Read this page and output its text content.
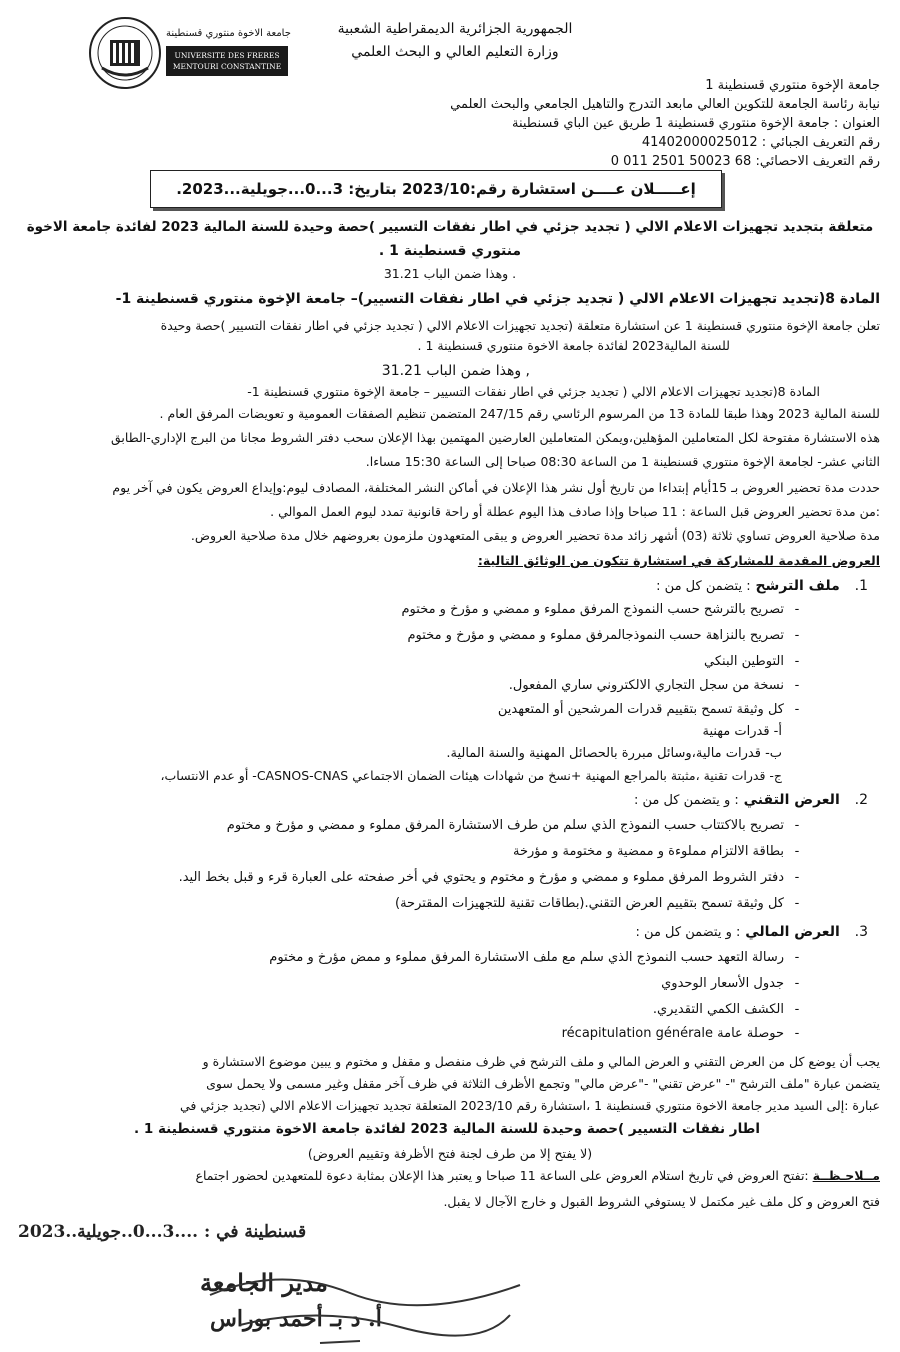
جامعة الاخوة منتوري قسنطينة
UNIVERSITE DES FRERES
MENTOURI CONSTANTINE
الجمهورية الجزائرية الديمقراطية الشعبية
وزارة التعليم العالي و البحث العلمي
جامعة الإخوة منتوري قسنطينة 1
نيابة رئاسة الجامعة للتكوين العالي مابعد التدرج والتاهيل الجامعي والبحث العلمي
العنوان : جامعة الإخوة منتوري قسنطينة 1 طريق عين الباي قسنطينة
رقم التعريف الجبائي : 41402000025012
رقم التعريف الاحصائي: 0 011 2501 50023 68
إعـــــلان عــــن استشارة رقم:2023/10 بتاريخ: 3...0...جويلية...2023.
متعلقة بتجديد تجهيزات الاعلام الالي ( تجديد جزئي في اطار نفقات التسيير )حصة وحيدة للسنة المالية 2023 لفائدة جامعة الاخوة
منتوري قسنطينة 1 .
. وهذا ضمن الباب 31.21
المادة 8(تجديد تجهيزات الاعلام الالي ( تجديد جزئي في اطار نفقات التسيير)– جامعة الإخوة منتوري قسنطينة 1-
تعلن جامعة الإخوة منتوري قسنطينة 1 عن استشارة متعلقة (تجديد تجهيزات الاعلام الالي ( تجديد جزئي في اطار نفقات التسيير )حصة وحيدة
للسنة المالية2023 لفائدة جامعة الاخوة منتوري قسنطينة 1 .
, وهذا ضمن الباب 31.21
المادة 8(تجديد تجهيزات الاعلام الالي ( تجديد جزئي في اطار نفقات التسيير – جامعة الإخوة منتوري قسنطينة 1-
للسنة المالية 2023 وهذا طبقا للمادة 13 من المرسوم الرئاسي رقم 247/15 المتضمن تنظيم الصفقات العمومية و تعويضات المرفق العام .
هذه الاستشارة مفتوحة لكل المتعاملين المؤهلين،ويمكن المتعاملين العارضين المهتمين بهذا الإعلان سحب دفتر الشروط مجانا من البرج الإداري-الطابق
الثاني عشر- لجامعة الإخوة منتوري قسنطينة 1 من الساعة 08:30 صباحا إلى الساعة 15:30 مساءا.
حددت مدة تحضير العروض بـ 15أيام إبتداءا من تاريخ أول نشر هذا الإعلان في أماكن النشر المختلفة، المصادف ليوم:وإيداع العروض يكون في آخر يوم
:من مدة تحضير العروض قبل الساعة : 11 صباحا وإذا صادف هذا اليوم عطلة أو راحة قانونية تمدد ليوم العمل الموالي .
مدة صلاحية العروض تساوي ثلاثة (03) أشهر زائد مدة تحضير العروض و يبقى المتعهدون ملزمون بعروضهم خلال مدة صلاحية العروض.
العروض المقدمة للمشاركة في استشارة تتكون من الوثائق التالية:
1. ملف الترشح : يتضمن كل من :
-تصريح بالترشح حسب النموذج المرفق مملوء و ممضي و مؤرخ و مختوم
-تصريح بالنزاهة حسب النموذجالمرفق مملوء و ممضي و مؤرخ و مختوم
-التوطين البنكي
-نسخة من سجل التجاري الالكتروني ساري المفعول.
-كل وثيقة تسمح بتقييم قدرات المرشحين أو المتعهدين
أ- قدرات مهنية
ب- قدرات مالية،وسائل مبررة بالحصائل المهنية والسنة المالية.
ج- قدرات تقنية ،مثبتة بالمراجع المهنية +نسخ من شهادات هيئات الضمان الاجتماعي CASNOS-CNAS- أو عدم الانتساب،
2. العرض التقني : و يتضمن كل من :
-تصريح بالاكتتاب حسب النموذج الذي سلم من طرف الاستشارة المرفق مملوء و ممضي و مؤرخ و مختوم
-بطاقة الالتزام مملوءة و ممضية و مختومة و مؤرخة
-دفتر الشروط المرفق مملوء و ممضي و مؤرخ و مختوم و يحتوي في أخر صفحته على العبارة قرء و قبل بخط اليد.
-كل وثيقة تسمح بتقييم العرض التقني.(بطاقات تقنية للتجهيزات المقترحة)
3. العرض المالي : و يتضمن كل من :
-رسالة التعهد حسب النموذج الذي سلم مع ملف الاستشارة المرفق مملوء و ممض مؤرخ و مختوم
-جدول الأسعار الوحدوي
-الكشف الكمي التقديري.
-حوصلة عامة récapitulation générale
يجب أن يوضع كل من العرض التقني و العرض المالي و ملف الترشح في ظرف منفصل و مقفل و مختوم و يبين موضوع الاستشارة و
يتضمن عبارة "ملف الترشح "- "عرض تقني" -"عرض مالي" وتجمع الأظرف الثلاثة في ظرف آخر مقفل وغير مسمى ولا يحمل سوى
عبارة :إلى السيد مدير جامعة الاخوة منتوري قسنطينة 1 ،استشارة رقم 2023/10 المتعلقة تجديد تجهيزات الاعلام الالي (تجديد جزئي في
اطار نفقات التسيير )حصة وحيدة للسنة المالية 2023 لفائدة جامعة الاخوة منتوري قسنطينة 1 .
(لا يفتح إلا من طرف لجنة فتح الأظرفة وتقييم العروض)
مــلاحـظــة :تفتح العروض في تاريخ استلام العروض على الساعة 11 صباحا و يعتبر هذا الإعلان بمثابة دعوة للمتعهدين لحضور اجتماع
فتح العروض و كل ملف غير مكتمل لا يستوفي الشروط القبول و خارج الآجال لا يقبل.
قسنطينة في : ....3...0..جويلية..2023
مدير الجامعة
أ. د بـ أحمد بوراس
